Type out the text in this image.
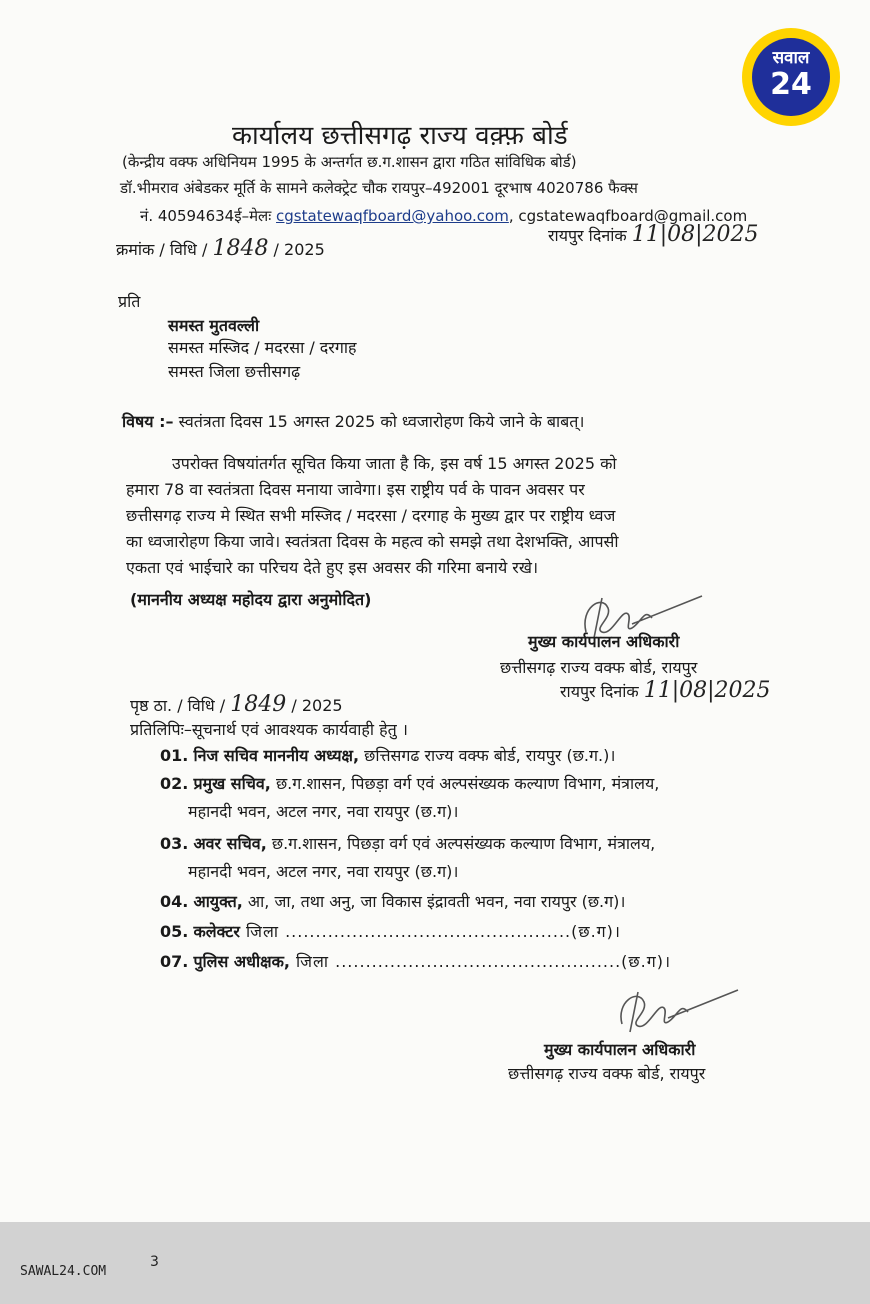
सवाल
24
कार्यालय छत्तीसगढ़ राज्य वक़्फ़ बोर्ड
(केन्द्रीय वक्फ अधिनियम 1995 के अन्तर्गत छ.ग.शासन द्वारा गठित सांविधिक बोर्ड)
डॉ.भीमराव अंबेडकर मूर्ति के सामने कलेक्ट्रेट चौक रायपुर–492001 दूरभाष 4020786 फैक्स
नं. 40594634ई–मेलः cgstatewaqfboard@yahoo.com, cgstatewaqfboard@gmail.com
क्रमांक / विधि / 1848 / 2025
रायपुर दिनांक 11|08|2025
प्रति
समस्त मुतवल्ली
समस्त मस्जिद / मदरसा / दरगाह
समस्त जिला छत्तीसगढ़
विषय :– स्वतंत्रता दिवस 15 अगस्त 2025 को ध्वजारोहण किये जाने के बाबत्।
उपरोक्त विषयांतर्गत सूचित किया जाता है कि, इस वर्ष 15 अगस्त 2025 को
हमारा 78 वा स्वतंत्रता दिवस मनाया जावेगा। इस राष्ट्रीय पर्व के पावन अवसर पर
छत्तीसगढ़ राज्य मे स्थित सभी मस्जिद / मदरसा / दरगाह के मुख्य द्वार पर राष्ट्रीय ध्वज
का ध्वजारोहण किया जावे। स्वतंत्रता दिवस के महत्व को समझे तथा देशभक्ति, आपसी
एकता एवं भाईचारे का परिचय देते हुए इस अवसर की गरिमा बनाये रखे।
(माननीय अध्यक्ष महोदय द्वारा अनुमोदित)
मुख्य कार्यपालन अधिकारी
छत्तीसगढ़ राज्य वक्फ बोर्ड, रायपुर
रायपुर दिनांक 11|08|2025
पृष्ठ ठा. / विधि / 1849 / 2025
प्रतिलिपिः–सूचनार्थ एवं आवश्यक कार्यवाही हेतु ।
01. निज सचिव माननीय अध्यक्ष, छत्तिसगढ राज्य वक्फ बोर्ड, रायपुर (छ.ग.)।
02. प्रमुख सचिव, छ.ग.शासन, पिछड़ा वर्ग एवं अल्पसंख्यक कल्याण विभाग, मंत्रालय,
महानदी भवन, अटल नगर, नवा रायपुर (छ.ग)।
03. अवर सचिव, छ.ग.शासन, पिछड़ा वर्ग एवं अल्पसंख्यक कल्याण विभाग, मंत्रालय,
महानदी भवन, अटल नगर, नवा रायपुर (छ.ग)।
04. आयुक्त, आ, जा, तथा अनु, जा विकास इंद्रावती भवन, नवा रायपुर (छ.ग)।
05. कलेक्टर जिला ...............................................(छ.ग)।
07. पुलिस अधीक्षक, जिला ...............................................(छ.ग)।
मुख्य कार्यपालन अधिकारी
छत्तीसगढ़ राज्य वक्फ बोर्ड, रायपुर
SAWAL24.COM
3
